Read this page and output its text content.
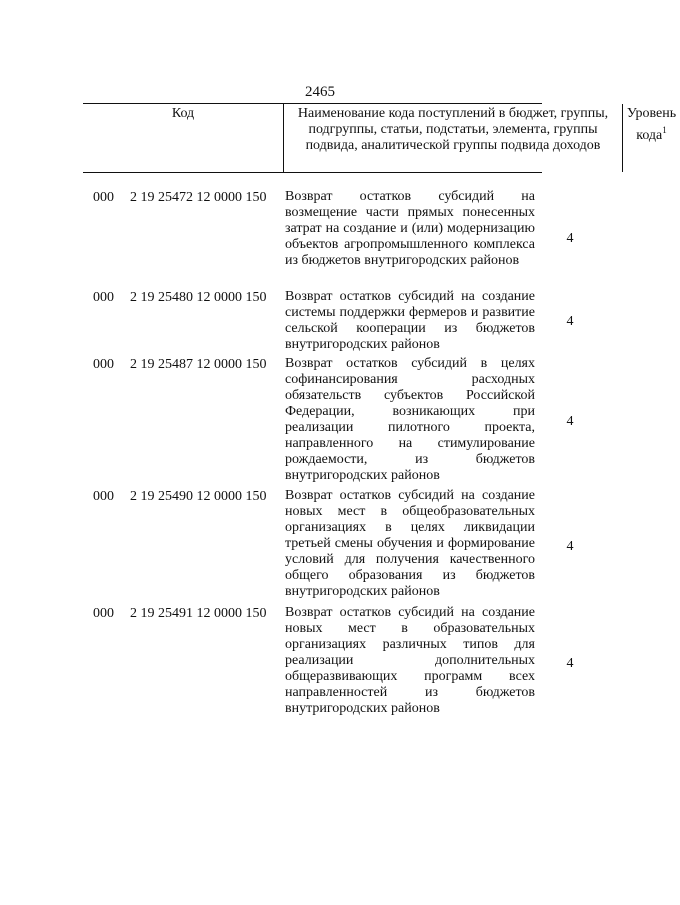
2465
Код	Наименование кода поступлений в бюджет, группы, подгруппы, статьи, подстатьи, элемента, группы подвида, аналитической группы подвида доходов
Уровень кода$^1$
000 2 19 25472 12 0000 150 Возврат остатков субсидий на возмещение части прямых понесенных затрат на создание и (или) модернизацию объектов агропромышленного комплекса из бюджетов внутригородских районов
4
000 2 19 25480 12 0000 150 Возврат остатков субсидий на создание системы поддержки фермеров и развитие сельской кооперации из бюджетов внутригородских районов
4
000 2 19 25487 12 0000 150 Возврат остатков субсидий в целях софинансирования расходных обязательств субъектов Российской Федерации, возникающих при реализации пилотного проекта, направленного на стимулирование рождаемости, из бюджетов внутригородских районов
4
000 2 19 25490 12 0000 150 Возврат остатков субсидий на создание новых мест в общеобразовательных организациях в целях ликвидации третьей смены обучения и формирование условий для получения качественного общего образования из бюджетов внутригородских районов
4
000 2 19 25491 12 0000 150 Возврат остатков субсидий на создание новых мест в образовательных организациях различных типов для реализации дополнительных общеразвивающих программ всех направленностей из бюджетов внутригородских районов
4
